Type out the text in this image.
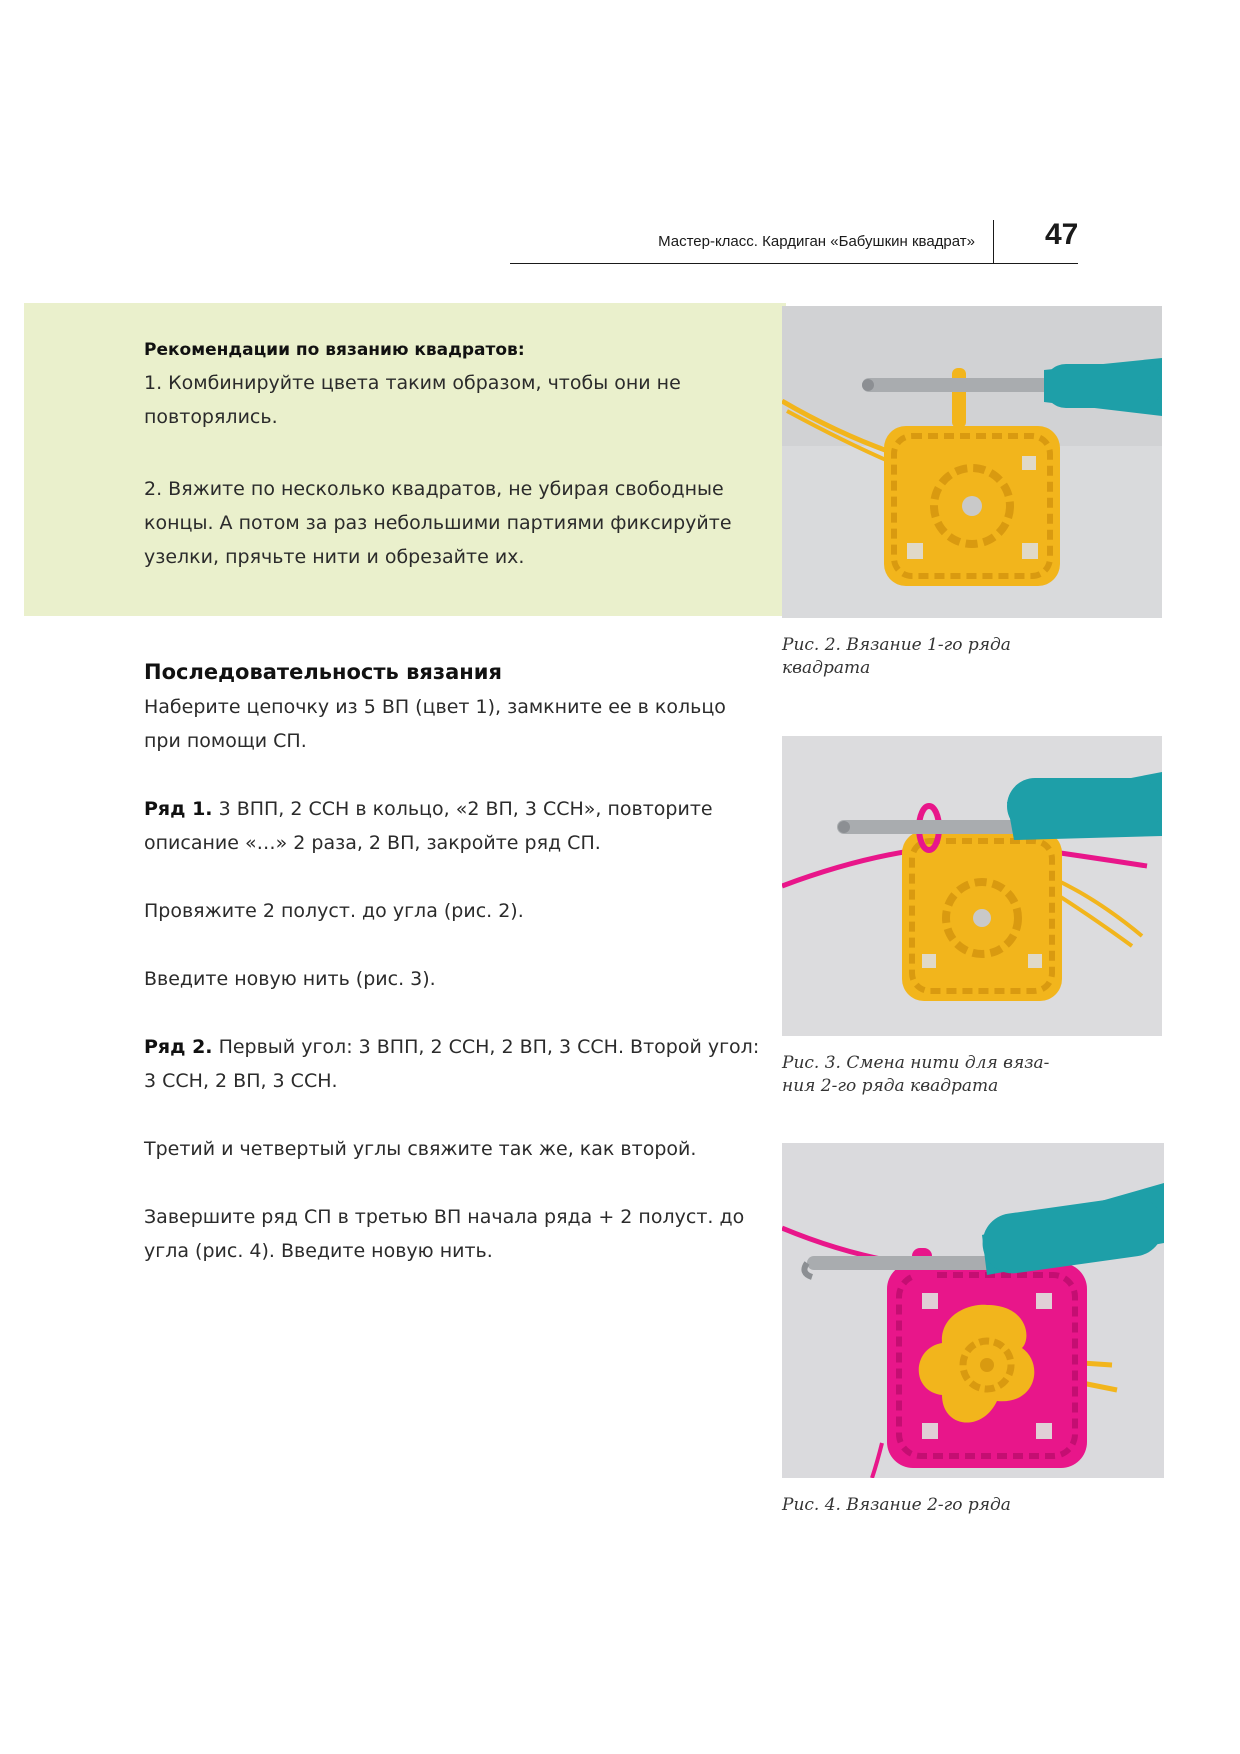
Мастер-класс. Кардиган «Бабушкин квадрат» 47

Рекомендации по вязанию квадратов:

1. Комбинируйте цвета таким образом, чтобы они не повторялись.

2. Вяжите по несколько квадратов, не убирая свободные концы. А потом за раз небольшими партиями фиксируйте узелки, прячьте нити и обрезайте их.

Последовательность вязания

Наберите цепочку из 5 ВП (цвет 1), замкните ее в кольцо при помощи СП.

Ряд 1. 3 ВПП, 2 ССН в кольцо, «2 ВП, 3 ССН», повторите описание «…» 2 раза, 2 ВП, закройте ряд СП.

Провяжите 2 полуст. до угла (рис. 2).

Введите новую нить (рис. 3).

Ряд 2. Первый угол: 3 ВПП, 2 ССН, 2 ВП, 3 ССН. Второй угол: 3 ССН, 2 ВП, 3 ССН.

Третий и четвертый углы свяжите так же, как второй.

Завершите ряд СП в третью ВП начала ряда + 2 полуст. до угла (рис. 4). Введите новую нить.

Рис. 2. Вязание 1-го ряда
квадрата
Рис. 3. Смена нити для вяза-
ния 2-го ряда квадрата
Рис. 4. Вязание 2-го ряда
